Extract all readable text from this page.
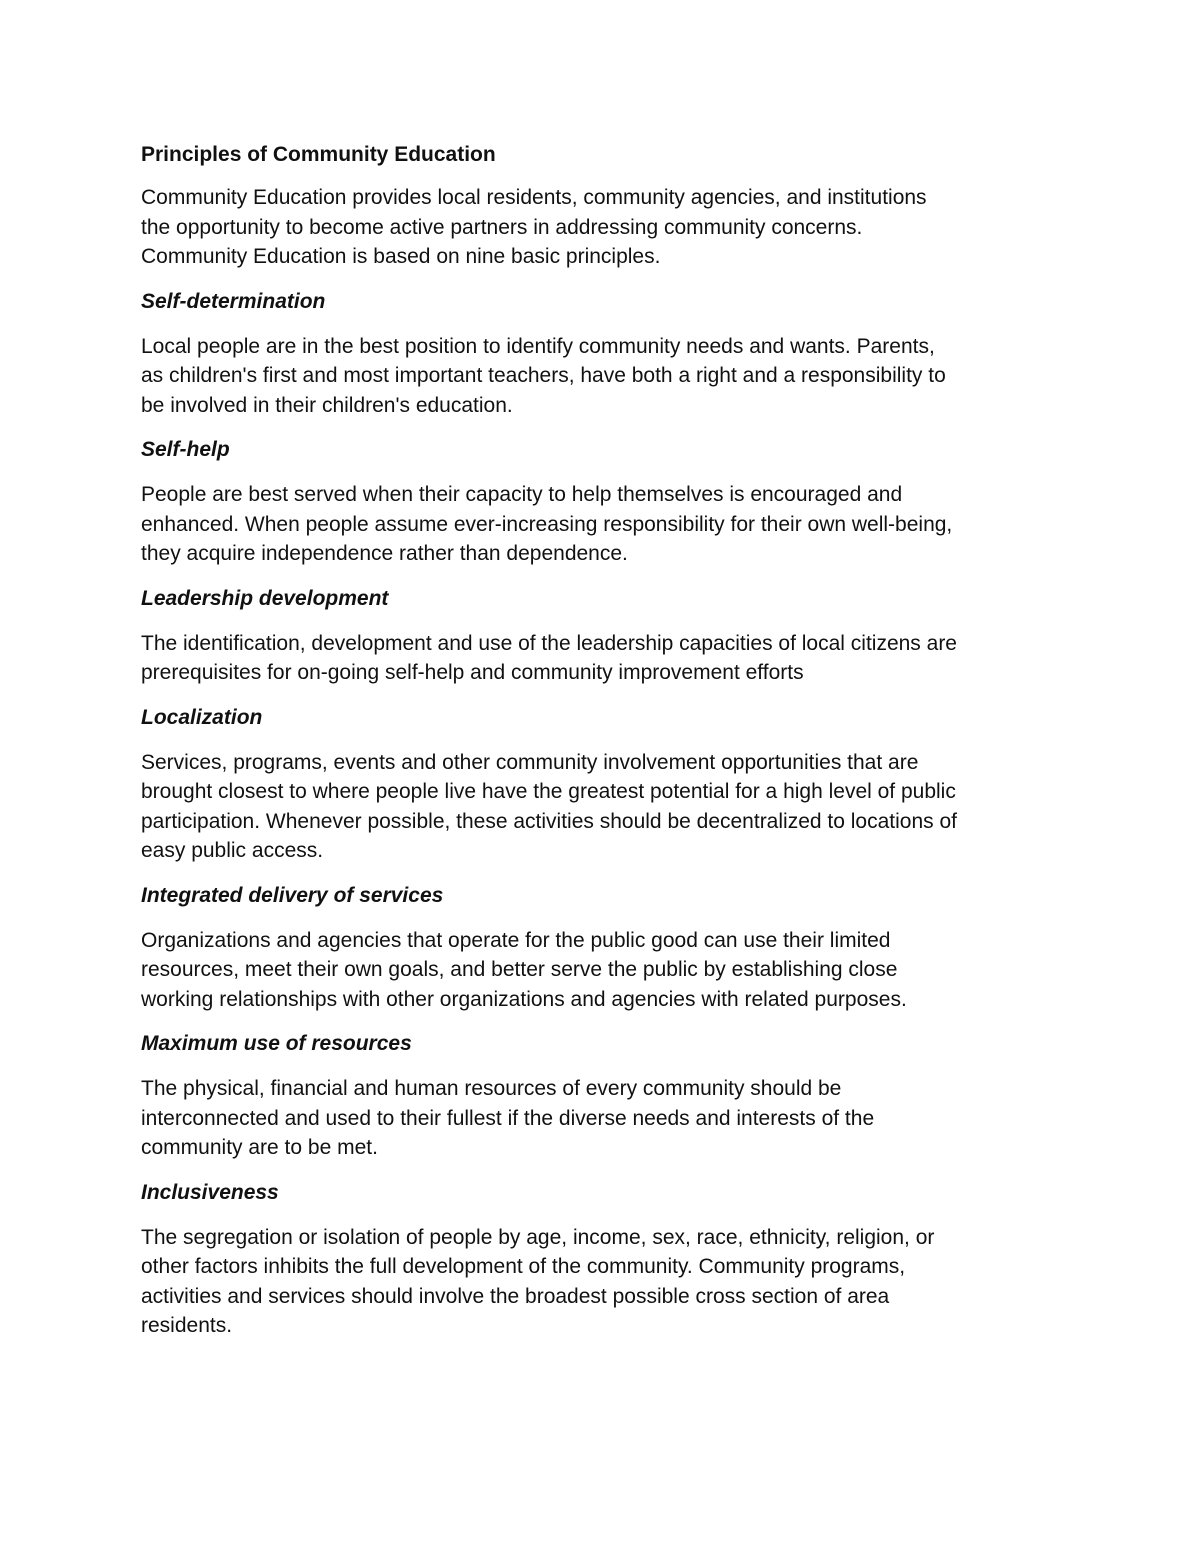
Principles of Community Education
Community Education provides local residents, community agencies, and institutions
the opportunity to become active partners in addressing community concerns.
Community Education is based on nine basic principles.
Self-determination
Local people are in the best position to identify community needs and wants. Parents,
as children's first and most important teachers, have both a right and a responsibility to
be involved in their children's education.
Self-help
People are best served when their capacity to help themselves is encouraged and
enhanced. When people assume ever-increasing responsibility for their own well-being,
they acquire independence rather than dependence.
Leadership development
The identification, development and use of the leadership capacities of local citizens are
prerequisites for on-going self-help and community improvement efforts
Localization
Services, programs, events and other community involvement opportunities that are
brought closest to where people live have the greatest potential for a high level of public
participation. Whenever possible, these activities should be decentralized to locations of
easy public access.
Integrated delivery of services
Organizations and agencies that operate for the public good can use their limited
resources, meet their own goals, and better serve the public by establishing close
working relationships with other organizations and agencies with related purposes.
Maximum use of resources
The physical, financial and human resources of every community should be
interconnected and used to their fullest if the diverse needs and interests of the
community are to be met.
Inclusiveness
The segregation or isolation of people by age, income, sex, race, ethnicity, religion, or
other factors inhibits the full development of the community. Community programs,
activities and services should involve the broadest possible cross section of area
residents.
